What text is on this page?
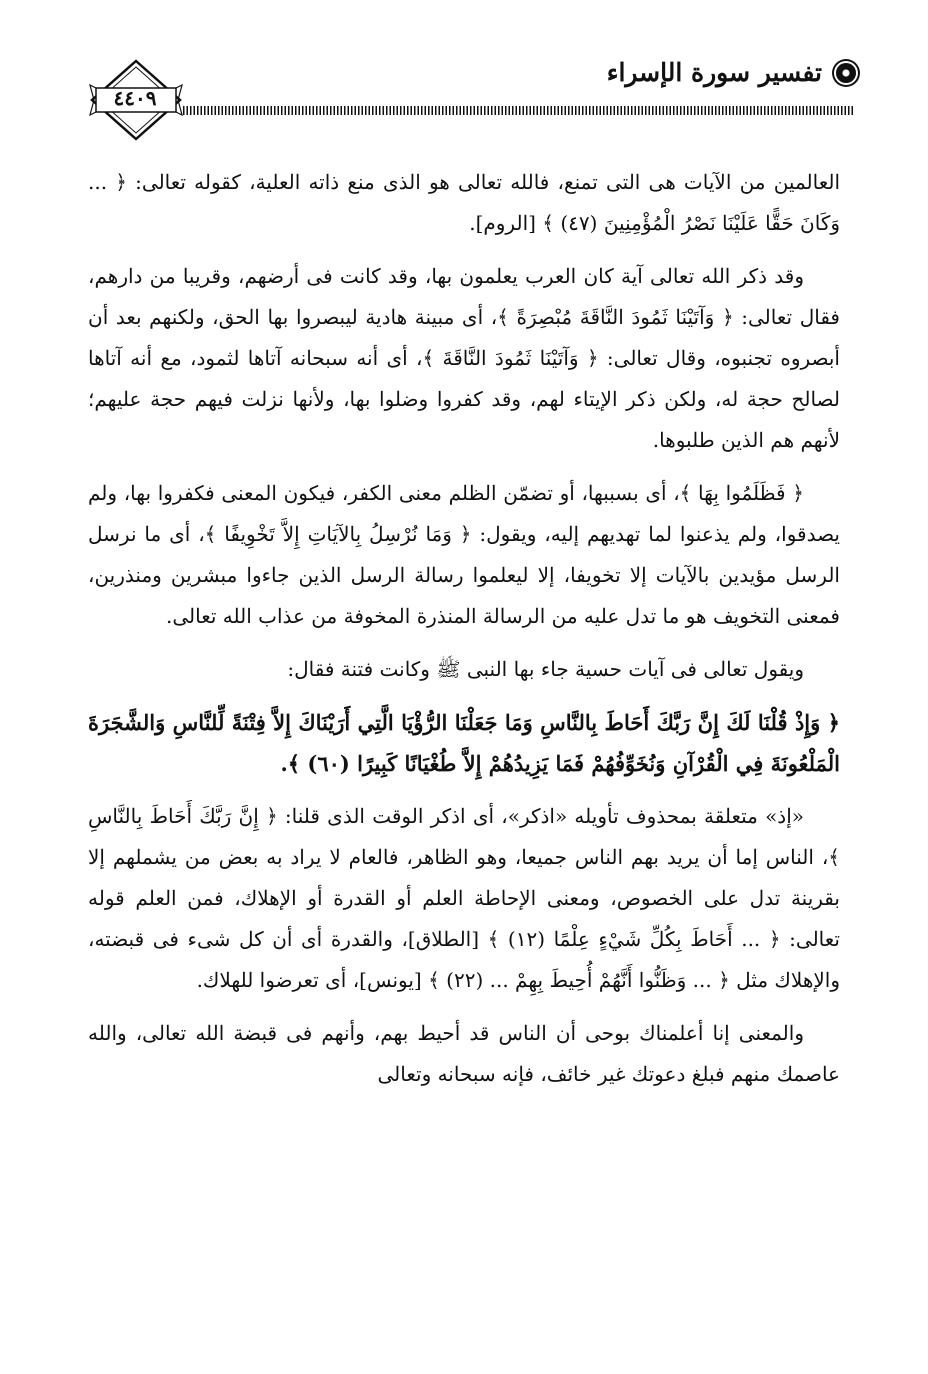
تفسير سورة الإسراء
٤٤٠٩

العالمين من الآيات هى التى تمنع، فالله تعالى هو الذى منع ذاته العلية، كقوله تعالى: ﴿ ... وَكَانَ حَقًّا عَلَيْنَا نَصْرُ الْمُؤْمِنِينَ (٤٧) ﴾ [الروم].

وقد ذكر الله تعالى آية كان العرب يعلمون بها، وقد كانت فى أرضهم، وقريبا من دارهم، فقال تعالى: ﴿ وَآتَيْنَا ثَمُودَ النَّاقَةَ مُبْصِرَةً ﴾، أى مبينة هادية ليبصروا بها الحق، ولكنهم بعد أن أبصروه تجنبوه، وقال تعالى: ﴿ وَآتَيْنَا ثَمُودَ النَّاقَةَ ﴾، أى أنه سبحانه آتاها لثمود، مع أنه آتاها لصالح حجة له، ولكن ذكر الإيتاء لهم، وقد كفروا وضلوا بها، ولأنها نزلت فيهم حجة عليهم؛ لأنهم هم الذين طلبوها.

﴿ فَظَلَمُوا بِهَا ﴾، أى بسببها، أو تضمّن الظلم معنى الكفر، فيكون المعنى فكفروا بها، ولم يصدقوا، ولم يذعنوا لما تهديهم إليه، ويقول: ﴿ وَمَا نُرْسِلُ بِالآيَاتِ إِلاَّ تَخْوِيفًا ﴾، أى ما نرسل الرسل مؤيدين بالآيات إلا تخويفا، إلا ليعلموا رسالة الرسل الذين جاءوا مبشرين ومنذرين، فمعنى التخويف هو ما تدل عليه من الرسالة المنذرة المخوفة من عذاب الله تعالى.

ويقول تعالى فى آيات حسية جاء بها النبى ﷺ وكانت فتنة فقال:

﴿ وَإِذْ قُلْنَا لَكَ إِنَّ رَبَّكَ أَحَاطَ بِالنَّاسِ وَمَا جَعَلْنَا الرُّؤْيَا الَّتِي أَرَيْنَاكَ إِلاَّ فِتْنَةً لِّلنَّاسِ وَالشَّجَرَةَ الْمَلْعُونَةَ فِي الْقُرْآنِ وَنُخَوِّفُهُمْ فَمَا يَزِيدُهُمْ إِلاَّ طُغْيَانًا كَبِيرًا (٦٠) ﴾.

«إذ» متعلقة بمحذوف تأويله «اذكر»، أى اذكر الوقت الذى قلنا: ﴿ إِنَّ رَبَّكَ أَحَاطَ بِالنَّاسِ ﴾، الناس إما أن يريد بهم الناس جميعا، وهو الظاهر، فالعام لا يراد به بعض من يشملهم إلا بقرينة تدل على الخصوص، ومعنى الإحاطة العلم أو القدرة أو الإهلاك، فمن العلم قوله تعالى: ﴿ ... أَحَاطَ بِكُلِّ شَيْءٍ عِلْمًا (١٢) ﴾ [الطلاق]، والقدرة أى أن كل شىء فى قبضته، والإهلاك مثل ﴿ ... وَظَنُّوا أَنَّهُمْ أُحِيطَ بِهِمْ ... (٢٢) ﴾ [يونس]، أى تعرضوا للهلاك.

والمعنى إنا أعلمناك بوحى أن الناس قد أحيط بهم، وأنهم فى قبضة الله تعالى، والله عاصمك منهم فبلغ دعوتك غير خائف، فإنه سبحانه وتعالى
